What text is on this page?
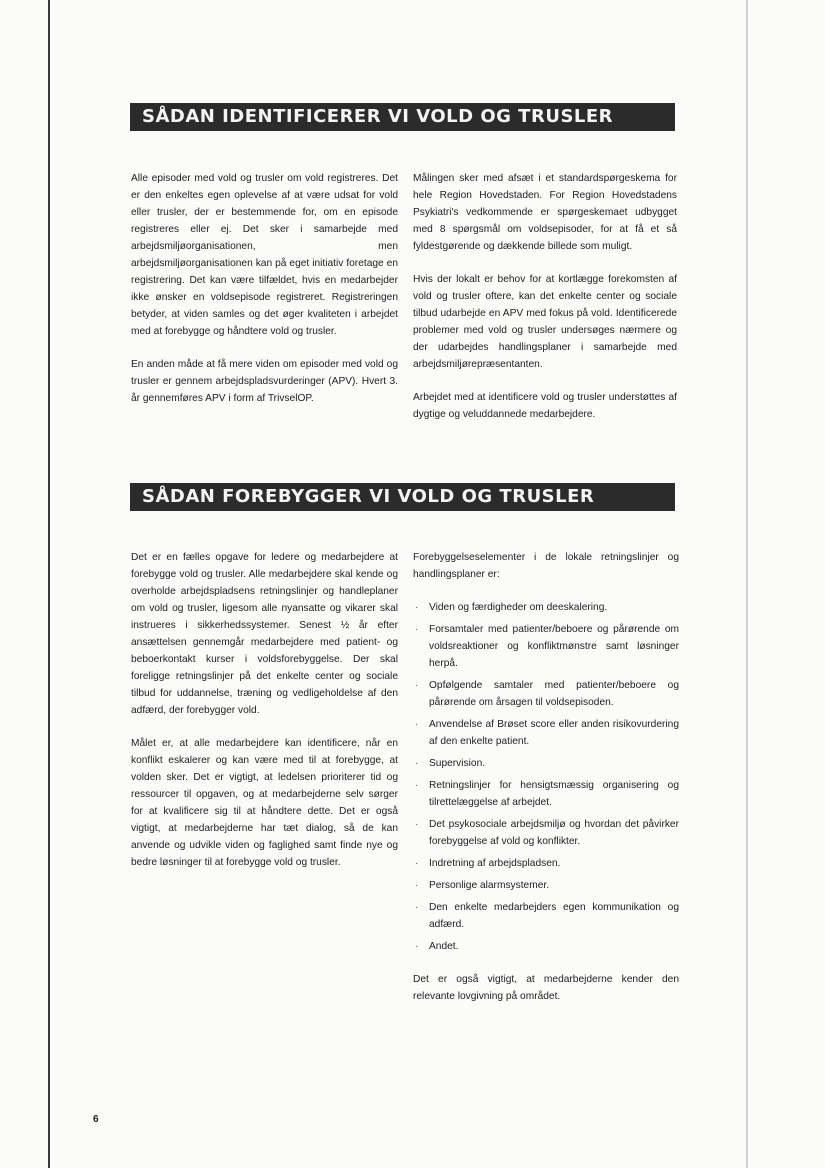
SÅDAN IDENTIFICERER VI VOLD OG TRUSLER

Alle episoder med vold og trusler om vold registreres. Det er den enkeltes egen oplevelse af at være udsat for vold eller trusler, der er bestemmende for, om en episode registreres eller ej. Det sker i samarbejde med arbejdsmiljøorganisationen, men arbejdsmiljøorganisationen kan på eget initiativ foretage en registrering. Det kan være tilfældet, hvis en medarbejder ikke ønsker en voldsepisode registreret. Registreringen betyder, at viden samles og det øger kvaliteten i arbejdet med at forebygge og håndtere vold og trusler.

En anden måde at få mere viden om episoder med vold og trusler er gennem arbejdspladsvurderinger (APV). Hvert 3. år gennemføres APV i form af TrivselOP.

Målingen sker med afsæt i et standardspørgeskema for hele Region Hovedstaden. For Region Hovedstadens Psykiatri's vedkommende er spørgeskemaet udbygget med 8 spørgsmål om voldsepisoder, for at få et så fyldestgørende og dækkende billede som muligt.

Hvis der lokalt er behov for at kortlægge forekomsten af vold og trusler oftere, kan det enkelte center og sociale tilbud udarbejde en APV med fokus på vold. Identificerede problemer med vold og trusler undersøges nærmere og der udarbejdes handlingsplaner i samarbejde med arbejdsmiljørepræsentanten.

Arbejdet med at identificere vold og trusler understøttes af dygtige og veluddannede medarbejdere.

SÅDAN FOREBYGGER VI VOLD OG TRUSLER

Det er en fælles opgave for ledere og medarbejdere at forebygge vold og trusler. Alle medarbejdere skal kende og overholde arbejdspladsens retningslinjer og handleplaner om vold og trusler, ligesom alle nyansatte og vikarer skal instrueres i sikkerhedssystemer. Senest ½ år efter ansættelsen gennemgår medarbejdere med patient- og beboerkontakt kurser i voldsforebyggelse. Der skal foreligge retningslinjer på det enkelte center og sociale tilbud for uddannelse, træning og vedligeholdelse af den adfærd, der forebygger vold.

Målet er, at alle medarbejdere kan identificere, når en konflikt eskalerer og kan være med til at forebygge, at volden sker. Det er vigtigt, at ledelsen prioriterer tid og ressourcer til opgaven, og at medarbejderne selv sørger for at kvalificere sig til at håndtere dette. Det er også vigtigt, at medarbejderne har tæt dialog, så de kan anvende og udvikle viden og faglighed samt finde nye og bedre løsninger til at forebygge vold og trusler.

Forebyggelseselementer i de lokale retningslinjer og handlingsplaner er:

· Viden og færdigheder om deeskalering.
· Forsamtaler med patienter/beboere og pårørende om voldsreaktioner og konfliktmønstre samt løsninger herpå.
· Opfølgende samtaler med patienter/beboere og pårørende om årsagen til voldsepisoden.
· Anvendelse af Brøset score eller anden risikovurdering af den enkelte patient.
· Supervision.
· Retningslinjer for hensigtsmæssig organisering og tilrettelæggelse af arbejdet.
· Det psykosociale arbejdsmiljø og hvordan det påvirker forebyggelse af vold og konflikter.
· Indretning af arbejdspladsen.
· Personlige alarmsystemer.
· Den enkelte medarbejders egen kommunikation og adfærd.
· Andet.

Det er også vigtigt, at medarbejderne kender den relevante lovgivning på området.

6
